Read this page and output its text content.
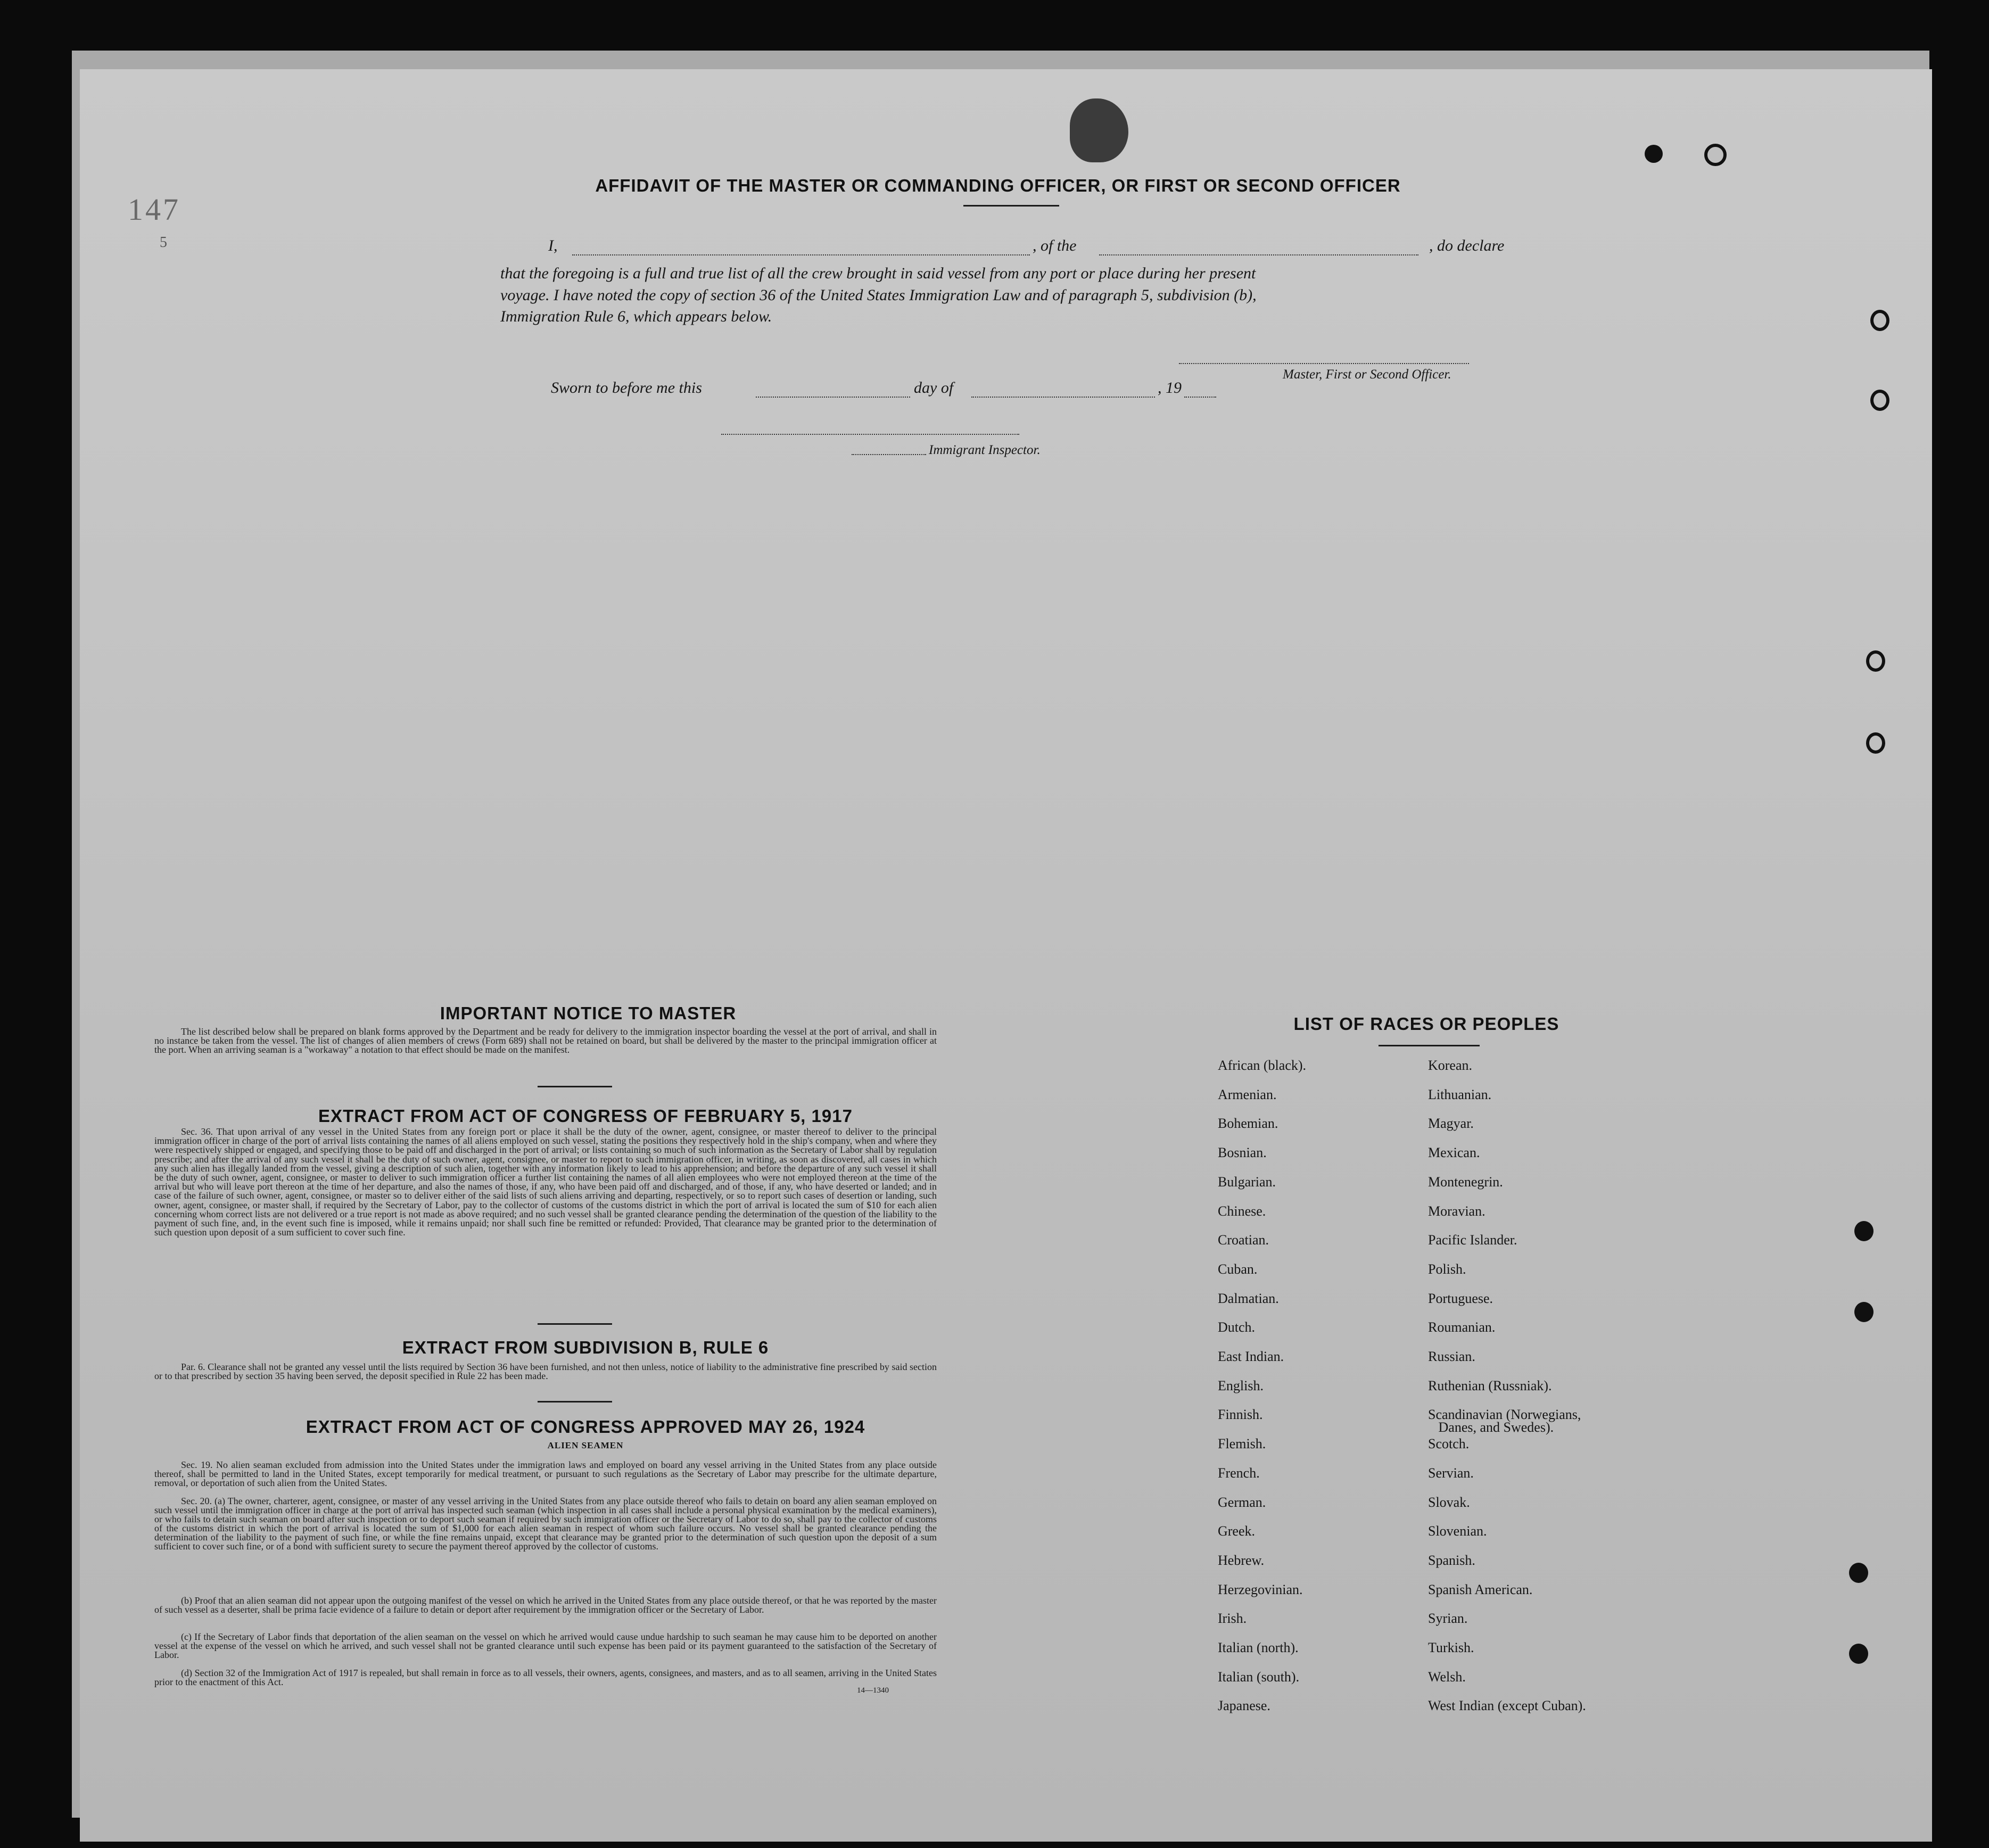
147
5
AFFIDAVIT OF THE MASTER OR COMMANDING OFFICER, OR FIRST OR SECOND OFFICER
I,	, of the	, do declare
that the foregoing is a full and true list of all the crew brought in said vessel from any port or place during her present
voyage. I have noted the copy of section 36 of the United States Immigration Law and of paragraph 5, subdivision (b),
Immigration Rule 6, which appears below.
Master, First or Second Officer.
Sworn to before me this	day of	, 19
Immigrant Inspector.
IMPORTANT NOTICE TO MASTER
The list described below shall be prepared on blank forms approved by the Department and be ready for delivery to the immigration inspector boarding the vessel at the port of arrival, and shall in no instance be taken from the vessel. The list of changes of alien members of crews (Form 689) shall not be retained on board, but shall be delivered by the master to the principal immigration officer at the port. When an arriving seaman is a "workaway" a notation to that effect should be made on the manifest.
EXTRACT FROM ACT OF CONGRESS OF FEBRUARY 5, 1917
Sec. 36. That upon arrival of any vessel in the United States from any foreign port or place it shall be the duty of the owner, agent, consignee, or master thereof to deliver to the principal immigration officer in charge of the port of arrival lists containing the names of all aliens employed on such vessel, stating the positions they respectively hold in the ship's company, when and where they were respectively shipped or engaged, and specifying those to be paid off and discharged in the port of arrival; or lists containing so much of such information as the Secretary of Labor shall by regulation prescribe; and after the arrival of any such vessel it shall be the duty of such owner, agent, consignee, or master to report to such immigration officer, in writing, as soon as discovered, all cases in which any such alien has illegally landed from the vessel, giving a description of such alien, together with any information likely to lead to his apprehension; and before the departure of any such vessel it shall be the duty of such owner, agent, consignee, or master to deliver to such immigration officer a further list containing the names of all alien employees who were not employed thereon at the time of the arrival but who will leave port thereon at the time of her departure, and also the names of those, if any, who have been paid off and discharged, and of those, if any, who have deserted or landed; and in case of the failure of such owner, agent, consignee, or master so to deliver either of the said lists of such aliens arriving and departing, respectively, or so to report such cases of desertion or landing, such owner, agent, consignee, or master shall, if required by the Secretary of Labor, pay to the collector of customs of the customs district in which the port of arrival is located the sum of $10 for each alien concerning whom correct lists are not delivered or a true report is not made as above required; and no such vessel shall be granted clearance pending the determination of the question of the liability to the payment of such fine, and, in the event such fine is imposed, while it remains unpaid; nor shall such fine be remitted or refunded: Provided, That clearance may be granted prior to the determination of such question upon deposit of a sum sufficient to cover such fine.
EXTRACT FROM SUBDIVISION B, RULE 6
Par. 6. Clearance shall not be granted any vessel until the lists required by Section 36 have been furnished, and not then unless, notice of liability to the administrative fine prescribed by said section or to that prescribed by section 35 having been served, the deposit specified in Rule 22 has been made.
EXTRACT FROM ACT OF CONGRESS APPROVED MAY 26, 1924
ALIEN SEAMEN
Sec. 19. No alien seaman excluded from admission into the United States under the immigration laws and employed on board any vessel arriving in the United States from any place outside thereof, shall be permitted to land in the United States, except temporarily for medical treatment, or pursuant to such regulations as the Secretary of Labor may prescribe for the ultimate departure, removal, or deportation of such alien from the United States.
Sec. 20. (a) The owner, charterer, agent, consignee, or master of any vessel arriving in the United States from any place outside thereof who fails to detain on board any alien seaman employed on such vessel until the immigration officer in charge at the port of arrival has inspected such seaman (which inspection in all cases shall include a personal physical examination by the medical examiners), or who fails to detain such seaman on board after such inspection or to deport such seaman if required by such immigration officer or the Secretary of Labor to do so, shall pay to the collector of customs of the customs district in which the port of arrival is located the sum of $1,000 for each alien seaman in respect of whom such failure occurs. No vessel shall be granted clearance pending the determination of the liability to the payment of such fine, or while the fine remains unpaid, except that clearance may be granted prior to the determination of such question upon the deposit of a sum sufficient to cover such fine, or of a bond with sufficient surety to secure the payment thereof approved by the collector of customs.
(b) Proof that an alien seaman did not appear upon the outgoing manifest of the vessel on which he arrived in the United States from any place outside thereof, or that he was reported by the master of such vessel as a deserter, shall be prima facie evidence of a failure to detain or deport after requirement by the immigration officer or the Secretary of Labor.
(c) If the Secretary of Labor finds that deportation of the alien seaman on the vessel on which he arrived would cause undue hardship to such seaman he may cause him to be deported on another vessel at the expense of the vessel on which he arrived, and such vessel shall not be granted clearance until such expense has been paid or its payment guaranteed to the satisfaction of the Secretary of Labor.
(d) Section 32 of the Immigration Act of 1917 is repealed, but shall remain in force as to all vessels, their owners, agents, consignees, and masters, and as to all seamen, arriving in the United States prior to the enactment of this Act.
14—1340
LIST OF RACES OR PEOPLES
African (black).
Armenian.
Bohemian.
Bosnian.
Bulgarian.
Chinese.
Croatian.
Cuban.
Dalmatian.
Dutch.
East Indian.
English.
Finnish.
Flemish.
French.
German.
Greek.
Hebrew.
Herzegovinian.
Irish.
Italian (north).
Italian (south).
Japanese.
Korean.
Lithuanian.
Magyar.
Mexican.
Montenegrin.
Moravian.
Pacific Islander.
Polish.
Portuguese.
Roumanian.
Russian.
Ruthenian (Russniak).
Scandinavian (Norwegians,
Danes, and Swedes).
Scotch.
Servian.
Slovak.
Slovenian.
Spanish.
Spanish American.
Syrian.
Turkish.
Welsh.
West Indian (except Cuban).
